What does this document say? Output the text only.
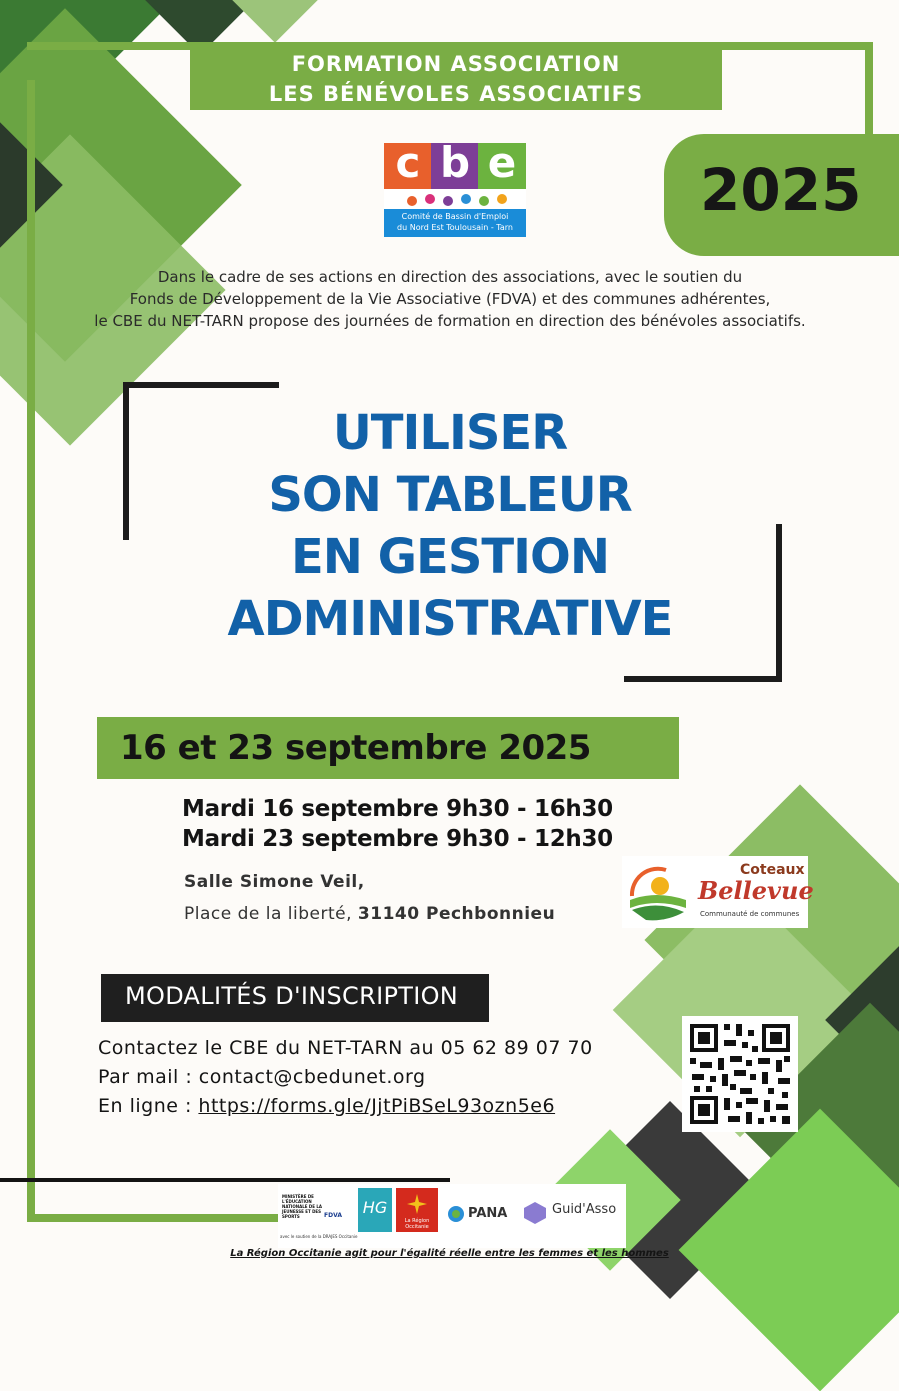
FORMATION ASSOCIATION
LES BÉNÉVOLES ASSOCIATIFS
2025
c b e
Comité de Bassin d'Emploi
du Nord Est Toulousain - Tarn
Dans le cadre de ses actions en direction des associations, avec le soutien du
Fonds de Développement de la Vie Associative (FDVA) et des communes adhérentes,
le CBE du NET-TARN propose des journées de formation en direction des bénévoles associatifs.
UTILISER
SON TABLEUR
EN GESTION
ADMINISTRATIVE
16 et 23 septembre 2025
Mardi 16 septembre 9h30 - 16h30
Mardi 23 septembre 9h30 - 12h30
Salle Simone Veil,
Place de la liberté, 31140 Pechbonnieu
Coteaux
Bellevue
Communauté de communes
MODALITÉS D'INSCRIPTION
Contactez le CBE du NET-TARN au 05 62 89 07 70
Par mail : contact@cbedunet.org
En ligne : https://forms.gle/JjtPiBSeL93ozn5e6
MINISTÈRE DE L'ÉDUCATION NATIONALE DE LA JEUNESSE ET DES SPORTS	FDVA
avec le soutien de la DRAJES Occitanie
HG
La Région Occitanie
PANA	Guid'Asso
La Région Occitanie agit pour l'égalité réelle entre les femmes et les hommes
